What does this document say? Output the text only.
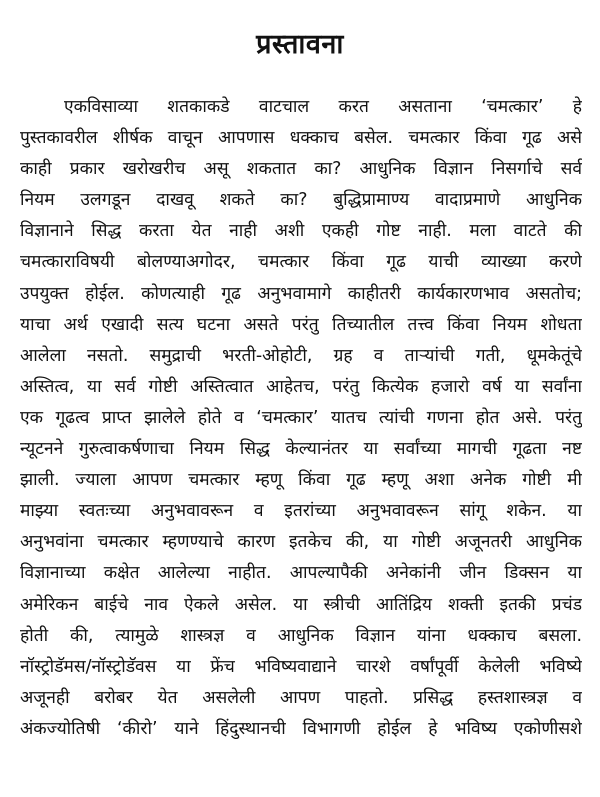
प्रस्तावना
एकविसाव्या शतकाकडे वाटचाल करत असताना ‘चमत्कार’ हे
पुस्तकावरील शीर्षक वाचून आपणास धक्काच बसेल. चमत्कार किंवा गूढ असे
काही प्रकार खरोखरीच असू शकतात का? आधुनिक विज्ञान निसर्गाचे सर्व
नियम उलगडून दाखवू शकते का? बुद्धिप्रामाण्य वादाप्रमाणे आधुनिक
विज्ञानाने सिद्ध करता येत नाही अशी एकही गोष्ट नाही. मला वाटते की
चमत्काराविषयी बोलण्याअगोदर, चमत्कार किंवा गूढ याची व्याख्या करणे
उपयुक्त होईल. कोणत्याही गूढ अनुभवामागे काहीतरी कार्यकारणभाव असतोच;
याचा अर्थ एखादी सत्य घटना असते परंतु तिच्यातील तत्त्व किंवा नियम शोधता
आलेला नसतो. समुद्राची भरती-ओहोटी, ग्रह व ताऱ्यांची गती, धूमकेतूंचे
अस्तित्व, या सर्व गोष्टी अस्तित्वात आहेतच, परंतु कित्येक हजारो वर्ष या सर्वांना
एक गूढत्व प्राप्त झालेले होते व ‘चमत्कार’ यातच त्यांची गणना होत असे. परंतु
न्यूटनने गुरुत्वाकर्षणाचा नियम सिद्ध केल्यानंतर या सर्वांच्या मागची गूढता नष्ट
झाली. ज्याला आपण चमत्कार म्हणू किंवा गूढ म्हणू अशा अनेक गोष्टी मी
माझ्या स्वतःच्या अनुभवावरून व इतरांच्या अनुभवावरून सांगू शकेन. या
अनुभवांना चमत्कार म्हणण्याचे कारण इतकेच की, या गोष्टी अजूनतरी आधुनिक
विज्ञानाच्या कक्षेत आलेल्या नाहीत. आपल्यापैकी अनेकांनी जीन डिक्सन या
अमेरिकन बाईचे नाव ऐकले असेल. या स्त्रीची आतिंद्रिय शक्ती इतकी प्रचंड
होती की, त्यामुळे शास्त्रज्ञ व आधुनिक विज्ञान यांना धक्काच बसला.
नॉस्ट्रोडॅमस/नॉस्ट्रोडॅवस या फ्रेंच भविष्यवाद्याने चारशे वर्षांपूर्वी केलेली भविष्ये
अजूनही बरोबर येत असलेली आपण पाहतो. प्रसिद्ध हस्तशास्त्रज्ञ व
अंकज्योतिषी ‘कीरो’ याने हिंदुस्थानची विभागणी होईल हे भविष्य एकोणीसशे
